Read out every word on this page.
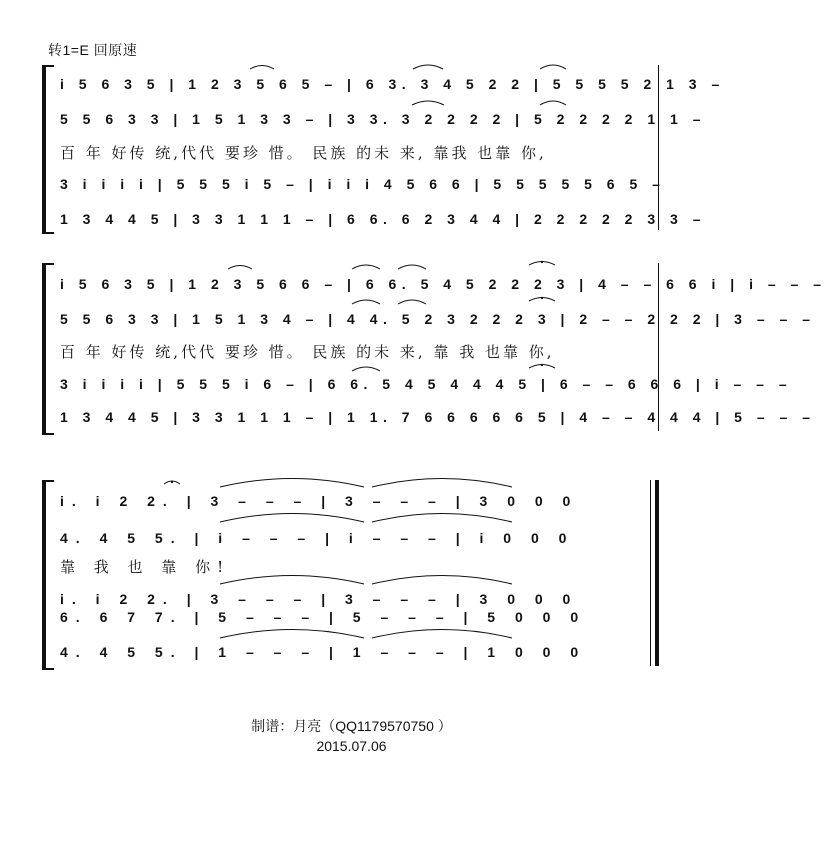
转1=E 回原速
i 5 6 3 5 | 1 2 3 5 6 5 – | 6 3. 3 4 5 2 2 | 5 5 5 5 2 1 3 –
5 5 6 3 3 | 1 5 1 3 3 – | 3 3. 3 2 2 2 2 | 5 2 2 2 2 1 1 –
百 年 好传 统,代代 要珍 惜。 民族 的未 来, 靠我 也靠 你,
3 i i i i | 5 5 5 i 5 – | i i i 4 5 6 6 | 5 5 5 5 5 6 5 –
1 3 4 4 5 | 3 3 1 1 1 – | 6 6. 6 2 3 4 4 | 2 2 2 2 2 3 3 –
i 5 6 3 5 | 1 2 3 5 6 6 – | 6 6. 5 4 5 2 2 2 3 | 4 – – 6 6 i | i – – –
5 5 6 3 3 | 1 5 1 3 4 – | 4 4. 5 2 3 2 2 2 3 | 2 – – 2 2 2 | 3 – – –
百 年 好传 统,代代 要珍 惜。 民族 的未 来, 靠 我 也靠 你,
3 i i i i | 5 5 5 i 6 – | 6 6. 5 4 5 4 4 4 5 | 6 – – 6 6 6 | i – – –
1 3 4 4 5 | 3 3 1 1 1 – | 1 1. 7 6 6 6 6 6 5 | 4 – – 4 4 4 | 5 – – –
i. i 2 2. | 3 – – – | 3 – – – | 3 0 0 0
4. 4 5 5. | i – – – | i – – – | i 0 0 0
靠 我 也 靠 你!
i. i 2 2. | 3 – – – | 3 – – – | 3 0 0 0
6. 6 7 7. | 5 – – – | 5 – – – | 5 0 0 0
4. 4 5 5. | 1 – – – | 1 – – – | 1 0 0 0
制谱：月亮（QQ1179570750 ）
2015.07.06
